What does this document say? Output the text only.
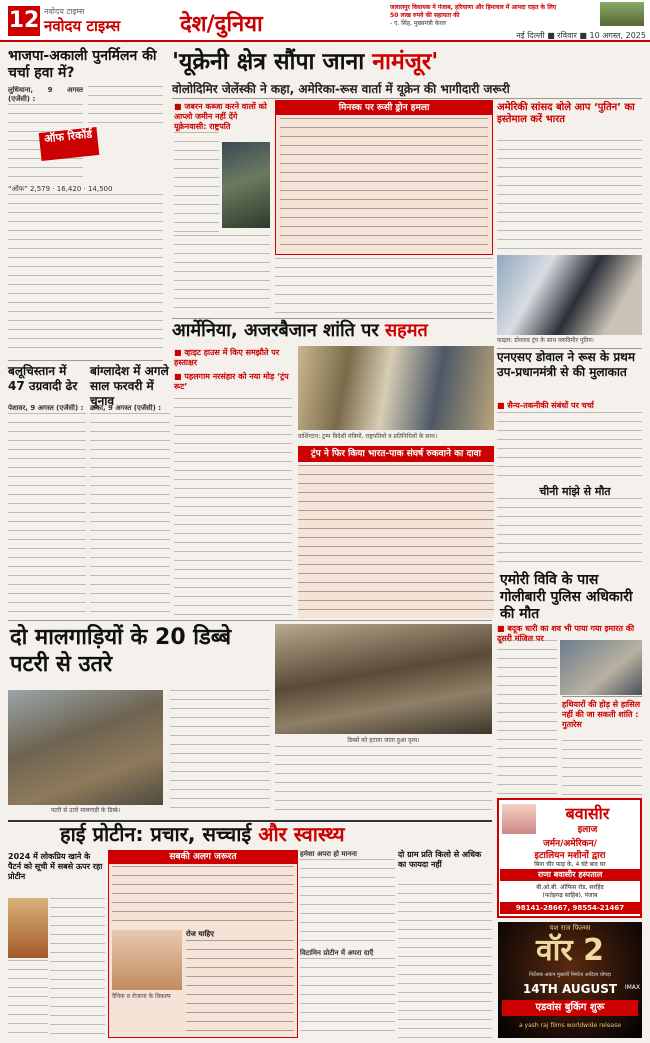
12 नवोदय टाइम्स
नवोदय टाइम्स	देश/दुनिया
जलालपुर विधायक ने पंजाब, हरियाणा और हिमाचल में आपदा राहत के लिए 50 लाख रुपये की सहायता की
- ए. सिंह, मुख्यमंत्री केरल
नई दिल्ली ■ रविवार ■ 10 अगस्त, 2025
भाजपा-अकाली पुनर्मिलन की चर्चा हवा में?
लुधियाना, 9 अगस्त (एजेंसी) :
ऑफ रिकॉर्ड
“ऑफ” 2,579 · 16,420 · 14,500
'यूक्रेनी क्षेत्र सौंपा जाना नामंजूर'
वोलोदिमिर जेलेंस्की ने कहा, अमेरिका-रूस वार्ता में यूक्रेन की भागीदारी जरूरी
■ जबरन कब्जा करने वालों को आप्लो जमीन नहीं देंगे यूक्रेनवासी: राष्ट्रपति
मिनस्क पर रूसी ड्रोन हमला	अमेरिकी सांसद बोले आप ‘पुतिन’ का इस्तेमाल करें भारत
फाइल: डोनाल्ड ट्रंप के साथ व्लादिमीर पुतिन।
आर्मेनिया, अजरबैजान शांति पर सहमत
■ व्हाइट हाउस में किए समझौते पर हस्ताक्षर
■ पहलगाम नरसंहार को नया मोड़ ‘ट्रंप रूट’
वाशिंगटन: ट्रम्प विदेशी मंत्रियों, राष्ट्रपतियों व प्रतिनिधियों के साथ।
ट्रंप ने फिर किया भारत-पाक संघर्ष रुकवाने का दावा
एनएसए डोवाल ने रूस के प्रथम उप-प्रधानमंत्री से की मुलाकात
■ सैन्य-तकनीकी संबंधों पर चर्चा
चीनी मांझे से मौत
एमोरी विवि के पास गोलीबारी पुलिस अधिकारी की मौत
■ बदूक धारी का शव भी पाया गया इमारत की दूसरी मंजिल पर
बलूचिस्तान में 47 उग्रवादी ढेर
पेशावर, 9 अगस्त (एजेंसी) :
बांग्लादेश में अगले साल फरवरी में चुनाव
ढाका, 9 अगस्त (एजेंसी) :
हथियारों की होड़ से हासिल नहीं की जा सकती शांति : गुतारेस
दो मालगाड़ियों के 20 डिब्बे पटरी से उतरे
पटरी से उतरे मालगाड़ी के डिब्बे।
डिब्बों को हटाया जाता हुआ दृश्य।
हाई प्रोटीन: प्रचार, सच्चाई और स्वास्थ्य
2024 में लोकप्रिय खाने के पैटर्न को सूची में सबसे ऊपर रहा प्रोटीन
सबकी अलग जरूरत
रोज चाहिए
दैनिक व रोजाना के विकल्प
हमेशा अपरा हो मानना
विटामिन प्रोटीन में अपरा दाएँ
दो ग्राम प्रति किलो से अधिक का फायदा नहीं
बवासीर
इलाज
जर्मन/अमेरिकन/
इटालियन मशीनों द्वारा
बिना चीर फाड़ के, 4 घंटे बाद घर
राणा बवासीर हस्पताल
बी.ओ.बी. ऑफिस रोड, सरहिंद
(फतेहगढ़ साहिब), पंजाब
98141-28667, 98554-21467
यश राज फिल्म्स
वॉर 2
निर्देशक अयान मुखर्जी निर्माता आदित्य चोपड़ा
14TH AUGUST	IMAX
एडवांस बुकिंग शुरू
a yash raj films worldwide release
